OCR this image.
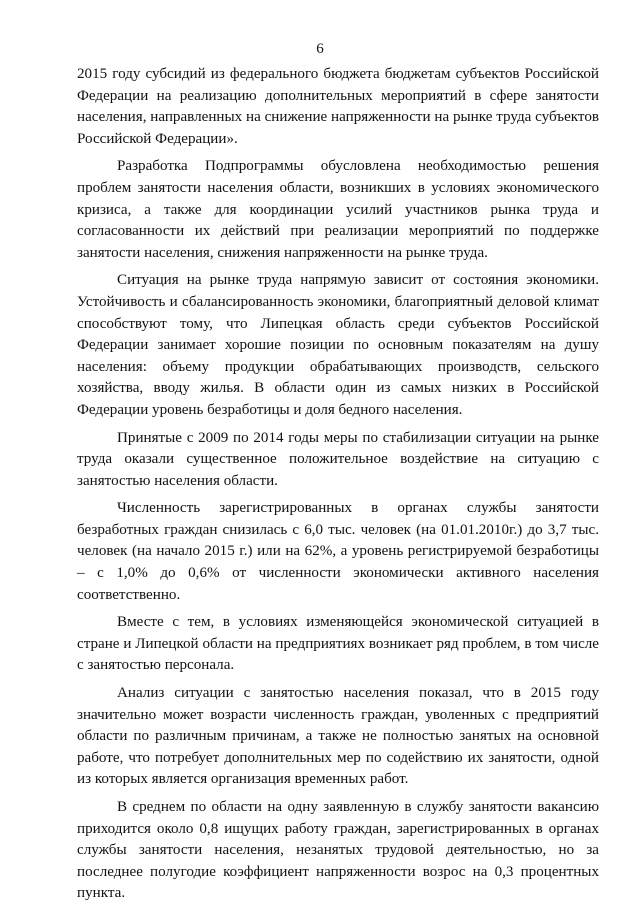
6

2015 году субсидий из федерального бюджета бюджетам субъектов Российской Федерации на реализацию дополнительных мероприятий в сфере занятости населения, направленных на снижение напряженности на рынке труда субъектов Российской Федерации».

Разработка Подпрограммы обусловлена необходимостью решения проблем занятости населения области, возникших в условиях экономического кризиса, а также для координации усилий участников рынка труда и согласованности их действий при реализации мероприятий по поддержке занятости населения, снижения напряженности на рынке труда.

Ситуация на рынке труда напрямую зависит от состояния экономики. Устойчивость и сбалансированность экономики, благоприятный деловой климат способствуют тому, что Липецкая область среди субъектов Российской Федерации занимает хорошие позиции по основным показателям на душу населения: объему продукции обрабатывающих производств, сельского хозяйства, вводу жилья. В области один из самых низких в Российской Федерации уровень безработицы и доля бедного населения.

Принятые с 2009 по 2014 годы меры по стабилизации ситуации на рынке труда оказали существенное положительное воздействие на ситуацию с занятостью населения области.

Численность зарегистрированных в органах службы занятости безработных граждан снизилась с 6,0 тыс. человек (на 01.01.2010г.) до 3,7 тыс. человек (на начало 2015 г.) или на 62%, а уровень регистрируемой безработицы – с 1,0% до 0,6% от численности экономически активного населения соответственно.

Вместе с тем, в условиях изменяющейся экономической ситуацией в стране и Липецкой области на предприятиях возникает ряд проблем, в том числе с занятостью персонала.

Анализ ситуации с занятостью населения показал, что в 2015 году значительно может возрасти численность граждан, уволенных с предприятий области по различным причинам, а также не полностью занятых на основной работе, что потребует дополнительных мер по содействию их занятости, одной из которых является организация временных работ.

В среднем по области на одну заявленную в службу занятости вакансию приходится около 0,8 ищущих работу граждан, зарегистрированных в органах службы занятости населения, незанятых трудовой деятельностью, но за последнее полугодие коэффициент напряженности возрос на 0,3 процентных пункта.
